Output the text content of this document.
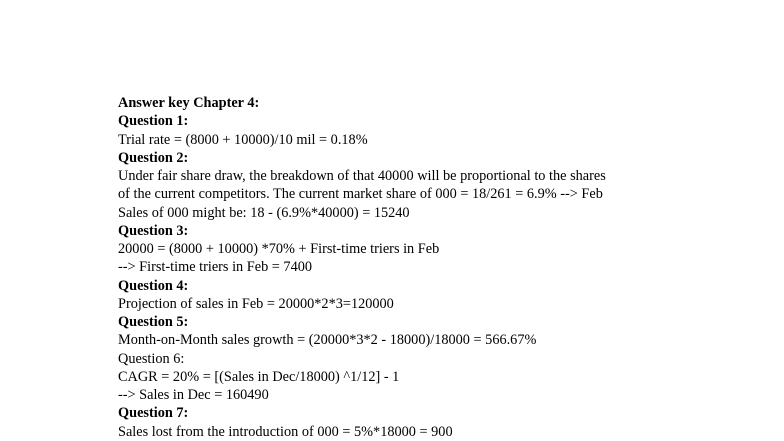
Answer key Chapter 4:
Question 1:
Trial rate = (8000 + 10000)/10 mil = 0.18%
Question 2:
Under fair share draw, the breakdown of that 40000 will be proportional to the shares
of the current competitors. The current market share of 000 = 18/261 = 6.9% --> Feb
Sales of 000 might be: 18 - (6.9%*40000) = 15240
Question 3:
20000 = (8000 + 10000) *70% + First-time triers in Feb
--> First-time triers in Feb = 7400
Question 4:
Projection of sales in Feb = 20000*2*3=120000
Question 5:
Month-on-Month sales growth = (20000*3*2 - 18000)/18000 = 566.67%
Question 6:
CAGR = 20% = [(Sales in Dec/18000) ^1/12] - 1
--> Sales in Dec = 160490
Question 7:
Sales lost from the introduction of 000 = 5%*18000 = 900
